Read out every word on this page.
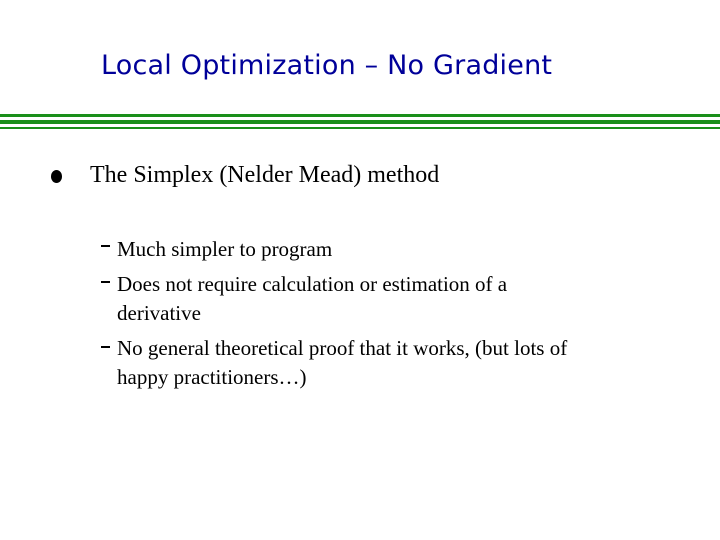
Local Optimization – No Gradient
The Simplex (Nelder Mead) method
Much simpler to program
Does not require calculation or estimation of a
derivative
No general theoretical proof that it works, (but lots of
happy practitioners…)
